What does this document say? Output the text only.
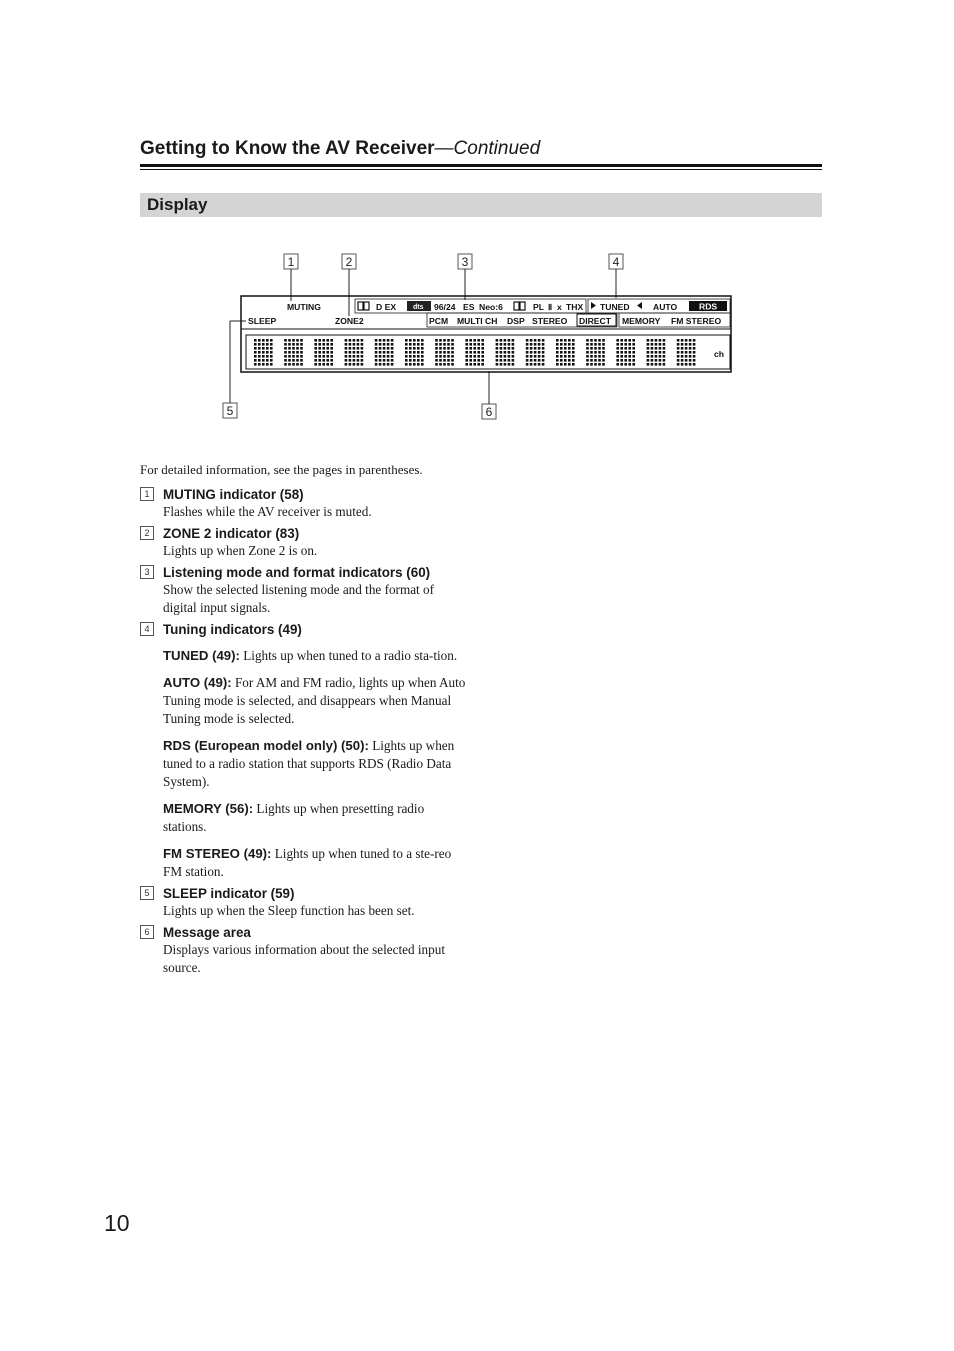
Getting to Know the AV Receiver—Continued
Display
1	2	3	4
5	6
MUTING
SLEEP	ZONE2
D EX dts 96/24 ES Neo:6	PL Ⅱ x THX TUNED	AUTO	RDS
PCM MULTI CH DSP STEREO DIRECT MEMORY FM STEREO
ch
For detailed information, see the pages in parentheses.
1	MUTING indicator (58)
Flashes while the AV receiver is muted.
2	ZONE 2 indicator (83)
Lights up when Zone 2 is on.
3	Listening mode and format indicators (60)
Show the selected listening mode and the format of digital input signals.
4	Tuning indicators (49)
TUNED (49): Lights up when tuned to a radio sta-tion.
AUTO (49): For AM and FM radio, lights up when Auto Tuning mode is selected, and disappears when Manual Tuning mode is selected.
RDS (European model only) (50): Lights up when tuned to a radio station that supports RDS (Radio Data System).
MEMORY (56): Lights up when presetting radio stations.
FM STEREO (49): Lights up when tuned to a ste-reo FM station.
5	SLEEP indicator (59)
Lights up when the Sleep function has been set.
6	Message area
Displays various information about the selected input source.
10
